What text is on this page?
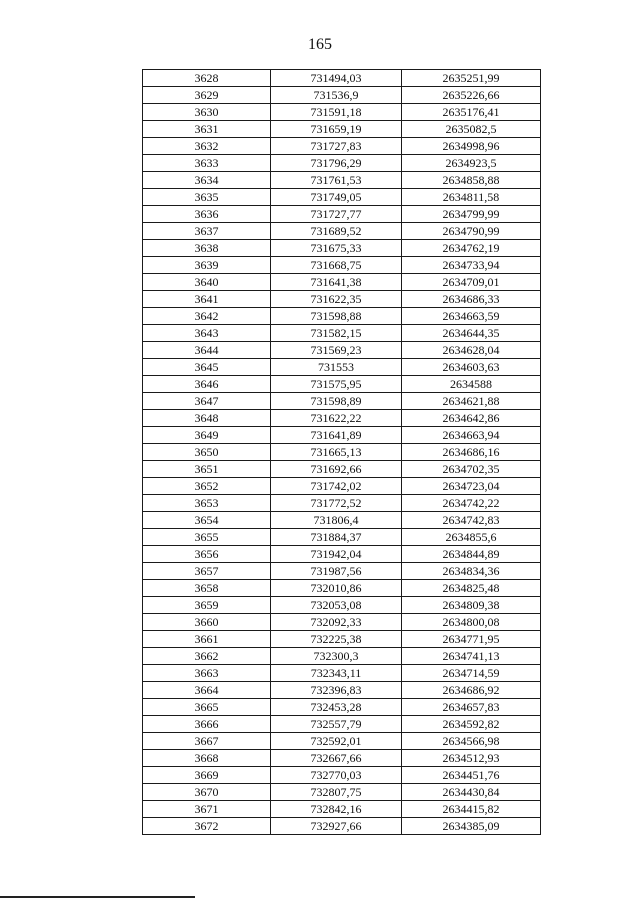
165
3628	731494,03	2635251,99
3629	731536,9	2635226,66
3630	731591,18	2635176,41
3631	731659,19	2635082,5
3632	731727,83	2634998,96
3633	731796,29	2634923,5
3634	731761,53	2634858,88
3635	731749,05	2634811,58
3636	731727,77	2634799,99
3637	731689,52	2634790,99
3638	731675,33	2634762,19
3639	731668,75	2634733,94
3640	731641,38	2634709,01
3641	731622,35	2634686,33
3642	731598,88	2634663,59
3643	731582,15	2634644,35
3644	731569,23	2634628,04
3645	731553	2634603,63
3646	731575,95	2634588
3647	731598,89	2634621,88
3648	731622,22	2634642,86
3649	731641,89	2634663,94
3650	731665,13	2634686,16
3651	731692,66	2634702,35
3652	731742,02	2634723,04
3653	731772,52	2634742,22
3654	731806,4	2634742,83
3655	731884,37	2634855,6
3656	731942,04	2634844,89
3657	731987,56	2634834,36
3658	732010,86	2634825,48
3659	732053,08	2634809,38
3660	732092,33	2634800,08
3661	732225,38	2634771,95
3662	732300,3	2634741,13
3663	732343,11	2634714,59
3664	732396,83	2634686,92
3665	732453,28	2634657,83
3666	732557,79	2634592,82
3667	732592,01	2634566,98
3668	732667,66	2634512,93
3669	732770,03	2634451,76
3670	732807,75	2634430,84
3671	732842,16	2634415,82
3672	732927,66	2634385,09
